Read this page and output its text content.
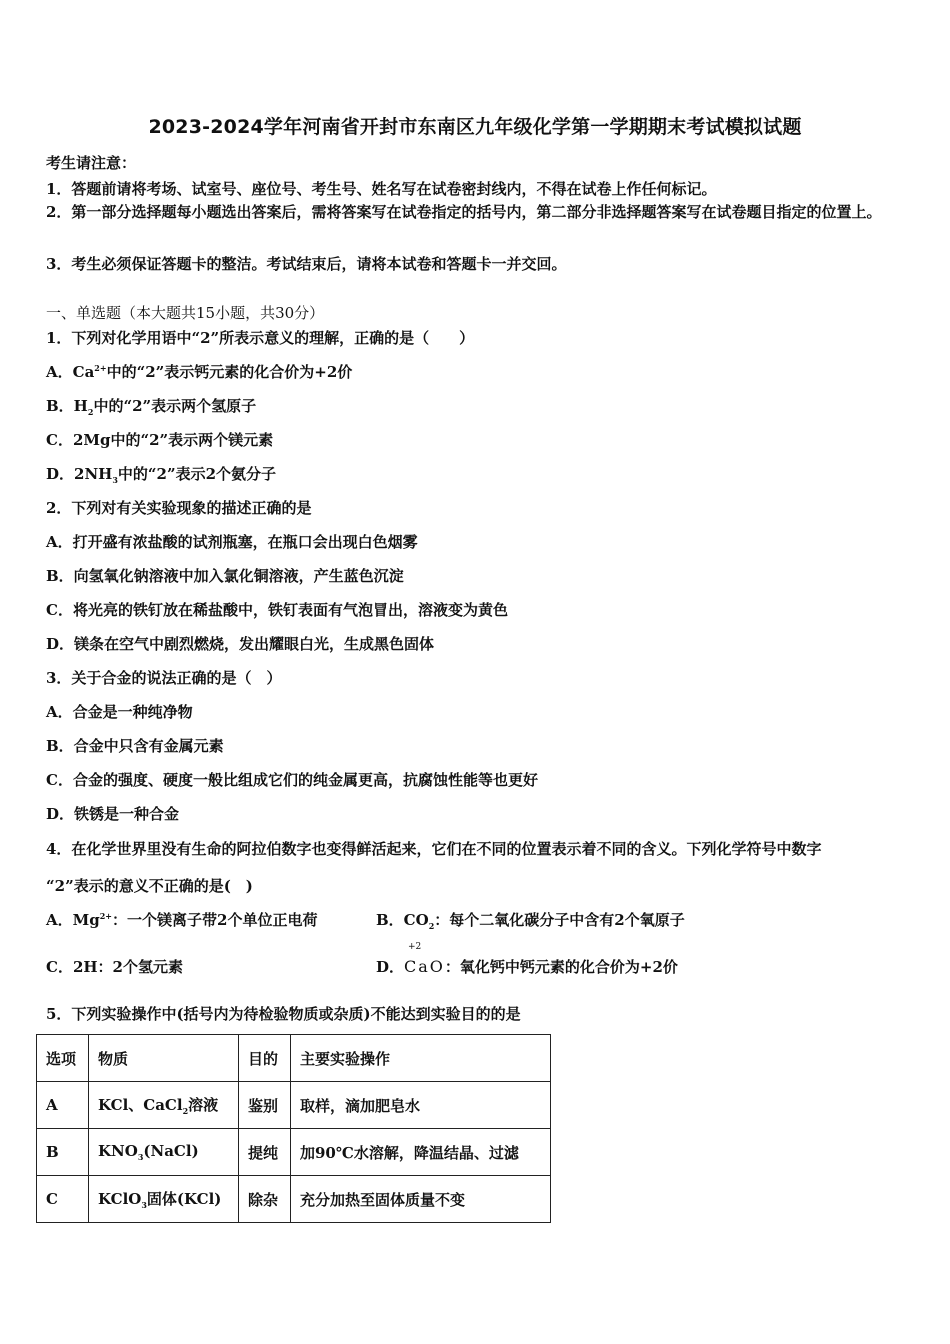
2023-2024学年河南省开封市东南区九年级化学第一学期期末考试模拟试题
考生请注意：
1．答题前请将考场、试室号、座位号、考生号、姓名写在试卷密封线内，不得在试卷上作任何标记。
2．第一部分选择题每小题选出答案后，需将答案写在试卷指定的括号内，第二部分非选择题答案写在试卷题目指定的位置上。
3．考生必须保证答题卡的整洁。考试结束后，请将本试卷和答题卡一并交回。
一、单选题（本大题共15小题，共30分）
1．下列对化学用语中“2”所表示意义的理解，正确的是（　　）
A．$Ca^{2+}$中的“2”表示钙元素的化合价为+2价
B．$H_2$中的“2”表示两个氢原子
C．2Mg中的“2”表示两个镁元素
D．$2NH_3$中的“2”表示2个氨分子
2．下列对有关实验现象的描述正确的是
A．打开盛有浓盐酸的试剂瓶塞，在瓶口会出现白色烟雾
B．向氢氧化钠溶液中加入氯化铜溶液，产生蓝色沉淀
C．将光亮的铁钉放在稀盐酸中，铁钉表面有气泡冒出，溶液变为黄色
D．镁条在空气中剧烈燃烧，发出耀眼白光，生成黑色固体
3．关于合金的说法正确的是（　）
A．合金是一种纯净物
B．合金中只含有金属元素
C．合金的强度、硬度一般比组成它们的纯金属更高，抗腐蚀性能等也更好
D．铁锈是一种合金
4．在化学世界里没有生命的阿拉伯数字也变得鲜活起来，它们在不同的位置表示着不同的含义。下列化学符号中数字
“2”表示的意义不正确的是(　)
A．$Mg^{2+}$：一个镁离子带2个单位正电荷	B．$CO_2$：每个二氧化碳分子中含有2个氧原子
C．2H：2个氢元素
+2
D．CaO：氧化钙中钙元素的化合价为+2价
5．下列实验操作中(括号内为待检验物质或杂质)不能达到实验目的的是
选项	物质	目的	主要实验操作
A	KCl、CaCl$_2$溶液	鉴别	取样，滴加肥皂水
B	$KNO_3(NaCl)$	提纯	加90℃水溶解，降温结晶、过滤
C	KClO$_3$固体(KCl)	除杂	充分加热至固体质量不变
